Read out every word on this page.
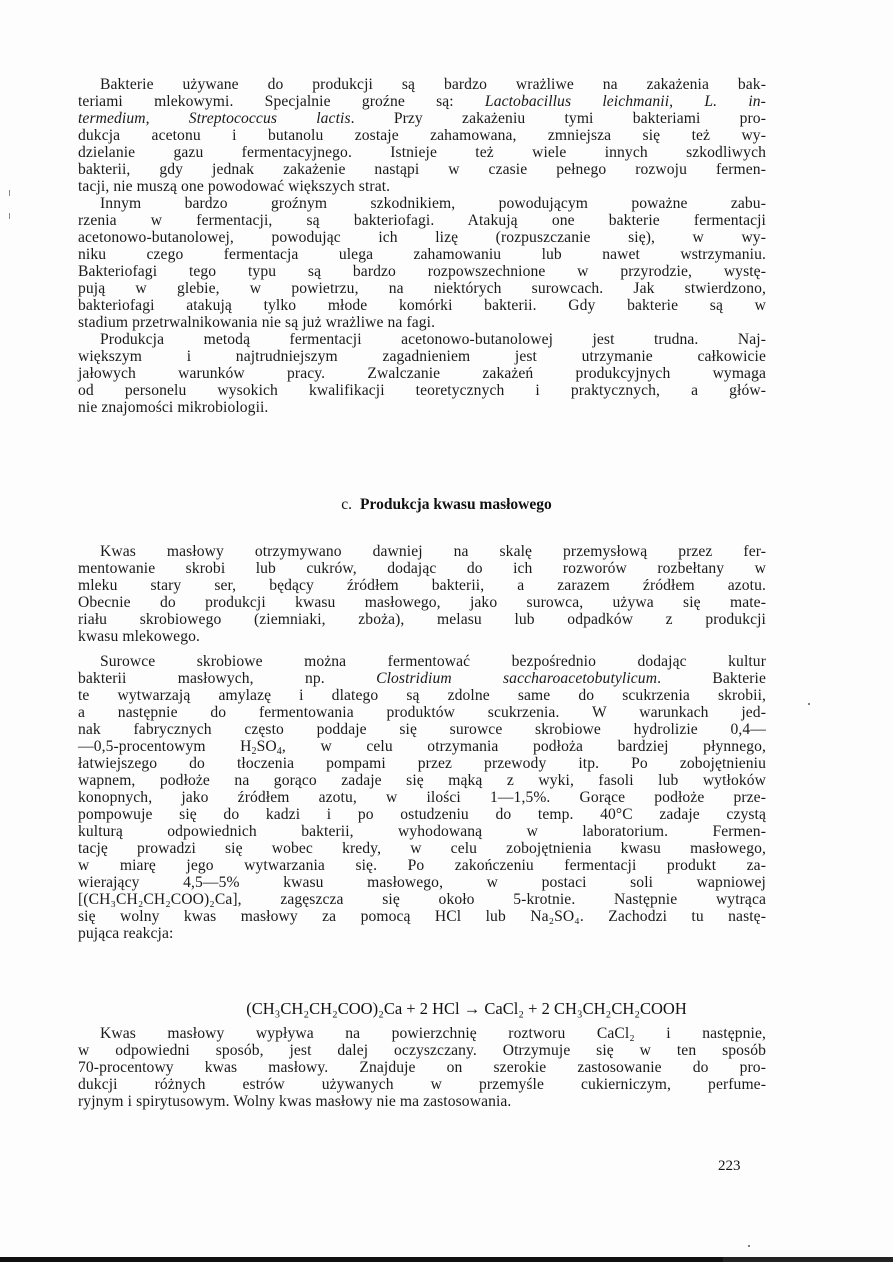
Bakterie używane do produkcji są bardzo wrażliwe na zakażenia bak-
teriami mlekowymi. Specjalnie groźne są: Lactobacillus leichmanii, L. in-
termedium, Streptococcus lactis. Przy zakażeniu tymi bakteriami pro-
dukcja acetonu i butanolu zostaje zahamowana, zmniejsza się też wy-
dzielanie gazu fermentacyjnego. Istnieje też wiele innych szkodliwych
bakterii, gdy jednak zakażenie nastąpi w czasie pełnego rozwoju fermen-
tacji, nie muszą one powodować większych strat.
Innym bardzo groźnym szkodnikiem, powodującym poważne zabu-
rzenia w fermentacji, są bakteriofagi. Atakują one bakterie fermentacji
acetonowo-butanolowej, powodując ich lizę (rozpuszczanie się), w wy-
niku czego fermentacja ulega zahamowaniu lub nawet wstrzymaniu.
Bakteriofagi tego typu są bardzo rozpowszechnione w przyrodzie, wystę-
pują w glebie, w powietrzu, na niektórych surowcach. Jak stwierdzono,
bakteriofagi atakują tylko młode komórki bakterii. Gdy bakterie są w
stadium przetrwalnikowania nie są już wrażliwe na fagi.
Produkcja metodą fermentacji acetonowo-butanolowej jest trudna. Naj-
większym i najtrudniejszym zagadnieniem jest utrzymanie całkowicie
jałowych warunków pracy. Zwalczanie zakażeń produkcyjnych wymaga
od personelu wysokich kwalifikacji teoretycznych i praktycznych, a głów-
nie znajomości mikrobiologii.
c. Produkcja kwasu masłowego
Kwas masłowy otrzymywano dawniej na skalę przemysłową przez fer-
mentowanie skrobi lub cukrów, dodając do ich rozworów rozbełtany w
mleku stary ser, będący źródłem bakterii, a zarazem źródłem azotu.
Obecnie do produkcji kwasu masłowego, jako surowca, używa się mate-
riału skrobiowego (ziemniaki, zboża), melasu lub odpadków z produkcji
kwasu mlekowego.
Surowce skrobiowe można fermentować bezpośrednio dodając kultur
bakterii masłowych, np. Clostridium saccharoacetobutylicum. Bakterie
te wytwarzają amylazę i dlatego są zdolne same do scukrzenia skrobii,
a następnie do fermentowania produktów scukrzenia. W warunkach jed-
nak fabrycznych często poddaje się surowce skrobiowe hydrolizie 0,4—
—0,5-procentowym $H_2SO_4$, w celu otrzymania podłoża bardziej płynnego,
łatwiejszego do tłoczenia pompami przez przewody itp. Po zobojętnieniu
wapnem, podłoże na gorąco zadaje się mąką z wyki, fasoli lub wytłoków
konopnych, jako źródłem azotu, w ilości 1—1,5%. Gorące podłoże prze-
pompowuje się do kadzi i po ostudzeniu do temp. 40°C zadaje czystą
kulturą odpowiednich bakterii, wyhodowaną w laboratorium. Fermen-
tację prowadzi się wobec kredy, w celu zobojętnienia kwasu masłowego,
w miarę jego wytwarzania się. Po zakończeniu fermentacji produkt za-
wierający 4,5—5% kwasu masłowego, w postaci soli wapniowej
[(CH₃CH₂CH₂COO)₂Ca], zagęszcza się około 5-krotnie. Następnie wytrąca
się wolny kwas masłowy za pomocą HCl lub Na₂SO₄. Zachodzi tu nastę-
pująca reakcja:
(CH₃CH₂CH₂COO)₂Ca + 2 HCl → CaCl₂ + 2 CH₃CH₂CH₂COOH
Kwas masłowy wypływa na powierzchnię roztworu CaCl₂ i następnie,
w odpowiedni sposób, jest dalej oczyszczany. Otrzymuje się w ten sposób
70-procentowy kwas masłowy. Znajduje on szerokie zastosowanie do pro-
dukcji różnych estrów używanych w przemyśle cukierniczym, perfume-
ryjnym i spirytusowym. Wolny kwas masłowy nie ma zastosowania.
223
